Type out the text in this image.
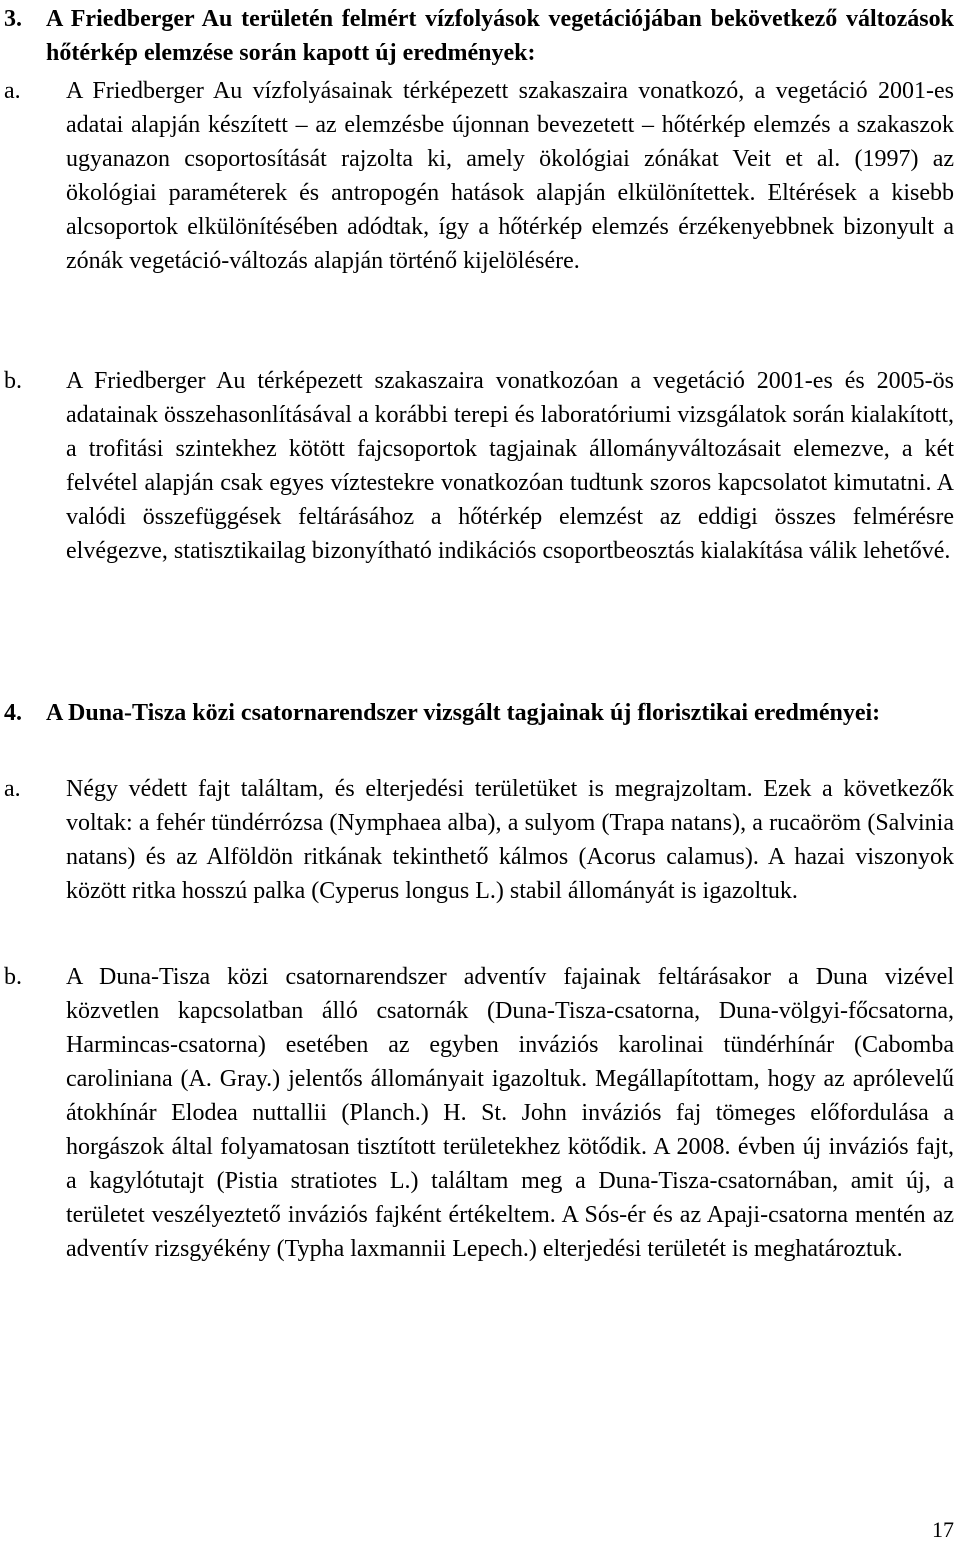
3. A Friedberger Au területén felmért vízfolyások vegetációjában bekövetkező változások hőtérkép elemzése során kapott új eredmények:
a. A Friedberger Au vízfolyásainak térképezett szakaszaira vonatkozó, a vegetáció 2001-es adatai alapján készített – az elemzésbe újonnan bevezetett – hőtérkép elemzés a szakaszok ugyanazon csoportosítását rajzolta ki, amely ökológiai zónákat Veit et al. (1997) az ökológiai paraméterek és antropogén hatások alapján elkülönítettek. Eltérések a kisebb alcsoportok elkülönítésében adódtak, így a hőtérkép elemzés érzékenyebbnek bizonyult a zónák vegetáció-változás alapján történő kijelölésére.
b. A Friedberger Au térképezett szakaszaira vonatkozóan a vegetáció 2001-es és 2005-ös adatainak összehasonlításával a korábbi terepi és laboratóriumi vizsgálatok során kialakított, a trofitási szintekhez kötött fajcsoportok tagjainak állományváltozásait elemezve, a két felvétel alapján csak egyes víztestekre vonatkozóan tudtunk szoros kapcsolatot kimutatni. A valódi összefüggések feltárásához a hőtérkép elemzést az eddigi összes felmérésre elvégezve, statisztikailag bizonyítható indikációs csoportbeosztás kialakítása válik lehetővé.
4. A Duna-Tisza közi csatornarendszer vizsgált tagjainak új florisztikai eredményei:
a. Négy védett fajt találtam, és elterjedési területüket is megrajzoltam. Ezek a következők voltak: a fehér tündérrózsa (Nymphaea alba), a sulyom (Trapa natans), a rucaöröm (Salvinia natans) és az Alföldön ritkának tekinthető kálmos (Acorus calamus). A hazai viszonyok között ritka hosszú palka (Cyperus longus L.) stabil állományát is igazoltuk.
b. A Duna-Tisza közi csatornarendszer adventív fajainak feltárásakor a Duna vizével közvetlen kapcsolatban álló csatornák (Duna-Tisza-csatorna, Duna-völgyi-főcsatorna, Harmincas-csatorna) esetében az egyben inváziós karolinai tündérhínár (Cabomba caroliniana (A. Gray.) jelentős állományait igazoltuk. Megállapítottam, hogy az aprólevelű átokhínár Elodea nuttallii (Planch.) H. St. John inváziós faj tömeges előfordulása a horgászok által folyamatosan tisztított területekhez kötődik. A 2008. évben új inváziós fajt, a kagylótutajt (Pistia stratiotes L.) találtam meg a Duna-Tisza-csatornában, amit új, a területet veszélyeztető inváziós fajként értékeltem. A Sós-ér és az Apaji-csatorna mentén az adventív rizsgyékény (Typha laxmannii Lepech.) elterjedési területét is meghatároztuk.
17
